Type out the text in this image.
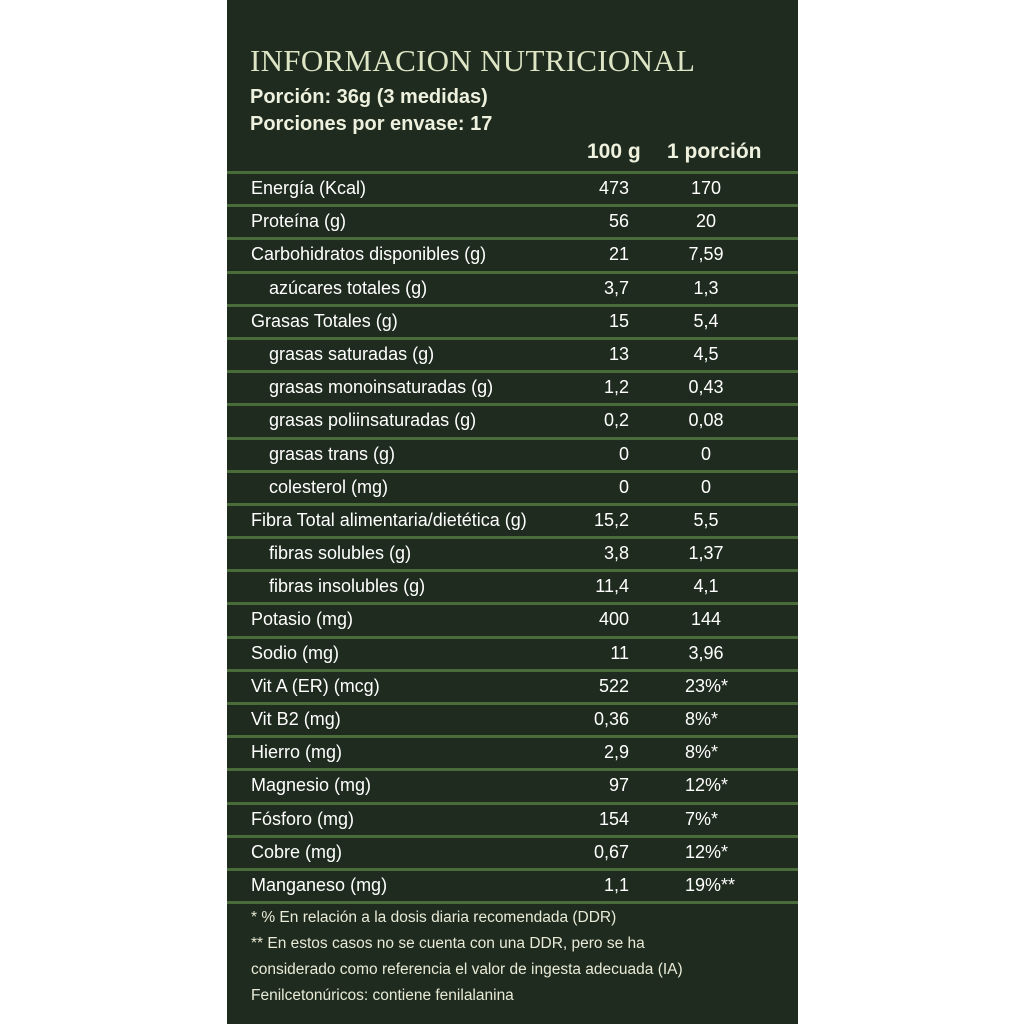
INFORMACION NUTRICIONAL
Porción: 36g (3 medidas)
Porciones por envase: 17
100 g 1 porción
Energía (Kcal)	473	170
Proteína (g)	56	20
Carbohidratos disponibles (g)	21	7,59
azúcares totales (g)	3,7	1,3
Grasas Totales (g)	15	5,4
grasas saturadas (g)	13	4,5
grasas monoinsaturadas (g)	1,2	0,43
grasas poliinsaturadas (g)	0,2	0,08
grasas trans (g)	0	0
colesterol (mg)	0	0
Fibra Total alimentaria/dietética (g)	15,2	5,5
fibras solubles (g)	3,8	1,37
fibras insolubles (g)	11,4	4,1
Potasio (mg)	400	144
Sodio (mg)	11	3,96
Vit A (ER) (mcg)	522	23%*
Vit B2 (mg)	0,36	8%*
Hierro (mg)	2,9	8%*
Magnesio (mg)	97	12%*
Fósforo (mg)	154	7%*
Cobre (mg)	0,67	12%*
Manganeso (mg)	1,1	19%**
* % En relación a la dosis diaria recomendada (DDR)
** En estos casos no se cuenta con una DDR, pero se ha
considerado como referencia el valor de ingesta adecuada (IA)
Fenilcetonúricos: contiene fenilalanina
